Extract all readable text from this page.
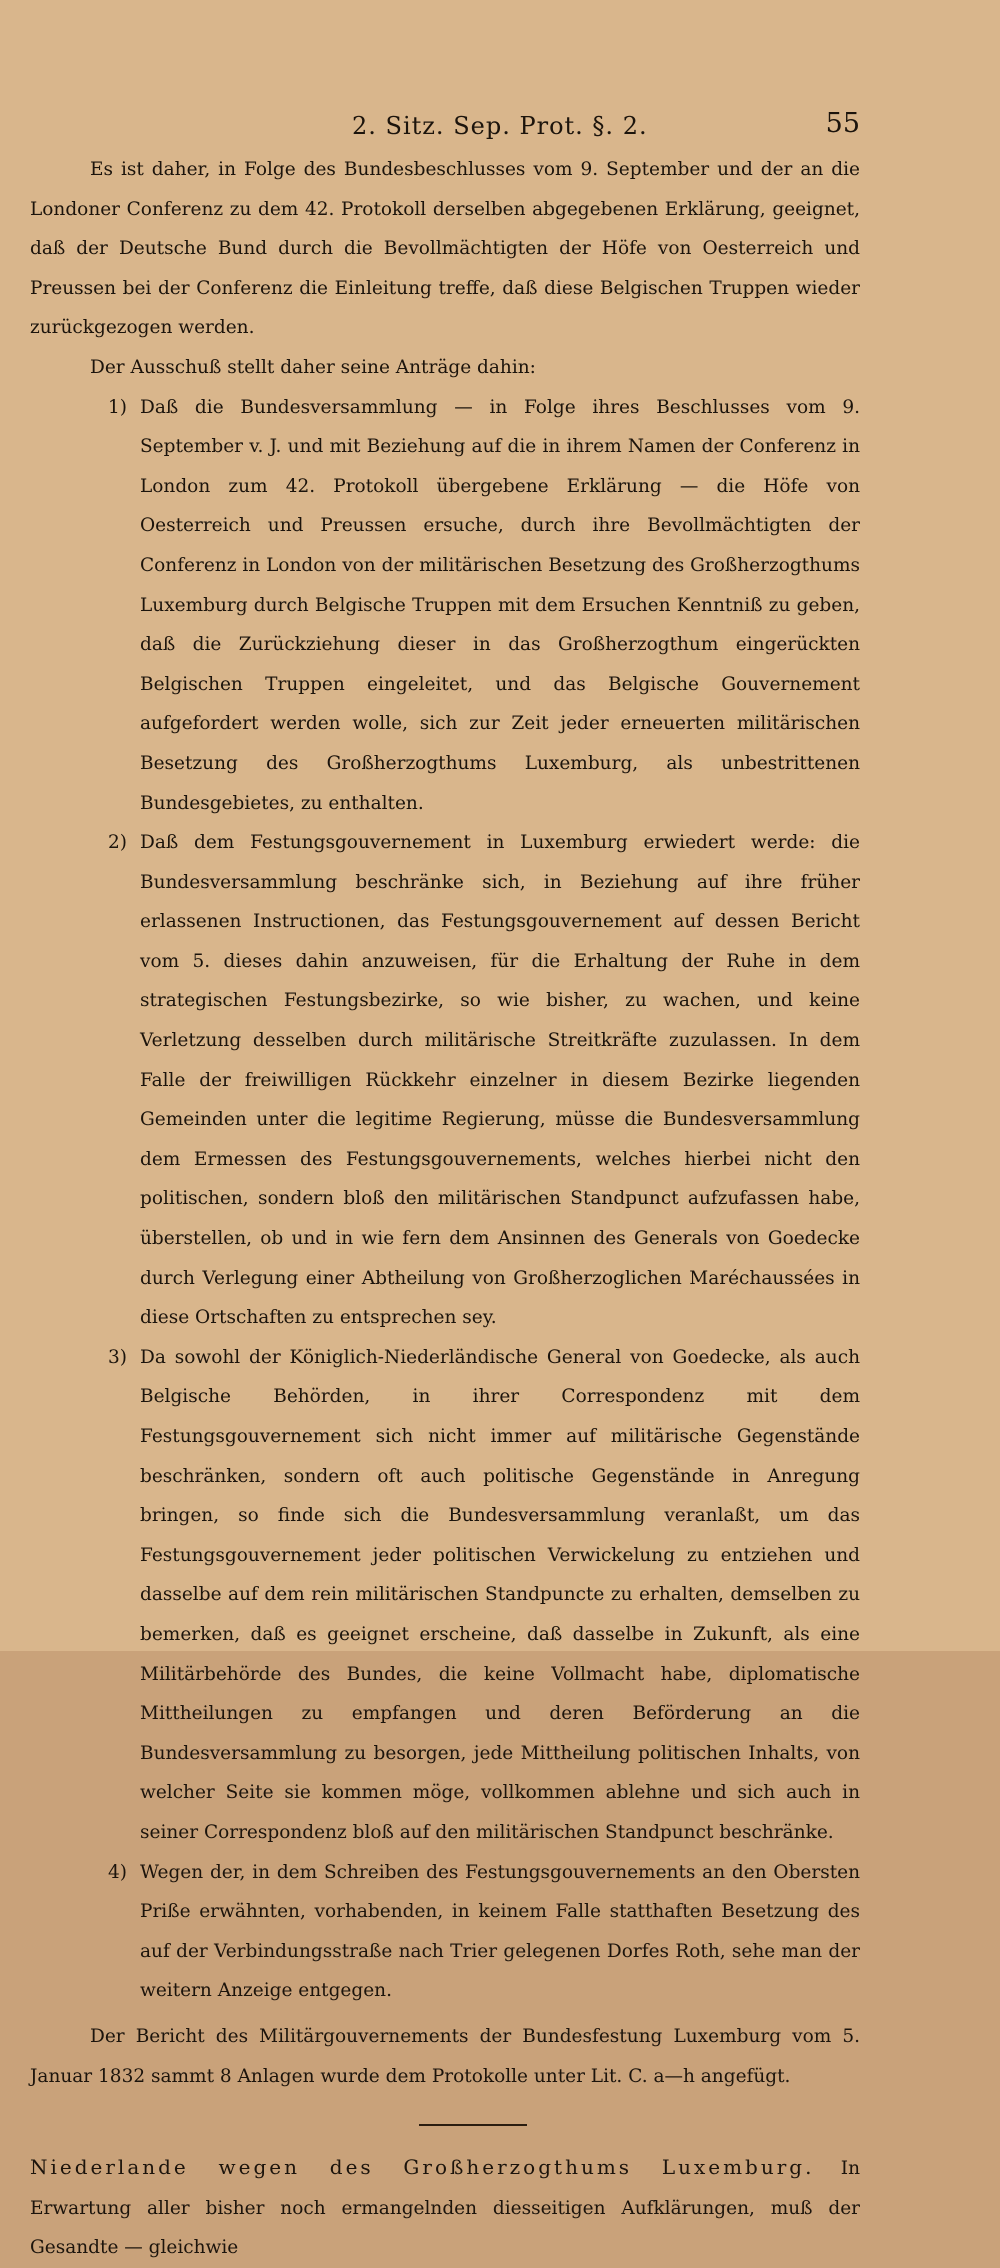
2. Sitz. Sep. Prot. §. 2.	55

Es ist daher, in Folge des Bundesbeschlusses vom 9. September und der an die Londoner Conferenz zu dem 42. Protokoll derselben abgegebenen Erklärung, geeignet, daß der Deutsche Bund durch die Bevollmächtigten der Höfe von Oesterreich und Preussen bei der Conferenz die Einleitung treffe, daß diese Belgischen Truppen wieder zurückgezogen werden.

Der Ausschuß stellt daher seine Anträge dahin:

1) Daß die Bundesversammlung — in Folge ihres Beschlusses vom 9. September v. J. und mit Beziehung auf die in ihrem Namen der Conferenz in London zum 42. Protokoll übergebene Erklärung — die Höfe von Oesterreich und Preussen ersuche, durch ihre Bevollmächtigten der Conferenz in London von der militärischen Besetzung des Großherzogthums Luxemburg durch Belgische Truppen mit dem Ersuchen Kenntniß zu geben, daß die Zurückziehung dieser in das Großherzogthum eingerückten Belgischen Truppen eingeleitet, und das Belgische Gouvernement aufgefordert werden wolle, sich zur Zeit jeder erneuerten militärischen Besetzung des Großherzogthums Luxemburg, als unbestrittenen Bundesgebietes, zu enthalten.
2) Daß dem Festungsgouvernement in Luxemburg erwiedert werde: die Bundesversammlung beschränke sich, in Beziehung auf ihre früher erlassenen Instructionen, das Festungsgouvernement auf dessen Bericht vom 5. dieses dahin anzuweisen, für die Erhaltung der Ruhe in dem strategischen Festungsbezirke, so wie bisher, zu wachen, und keine Verletzung desselben durch militärische Streitkräfte zuzulassen. In dem Falle der freiwilligen Rückkehr einzelner in diesem Bezirke liegenden Gemeinden unter die legitime Regierung, müsse die Bundesversammlung dem Ermessen des Festungsgouvernements, welches hierbei nicht den politischen, sondern bloß den militärischen Standpunct aufzufassen habe, überstellen, ob und in wie fern dem Ansinnen des Generals von Goedecke durch Verlegung einer Abtheilung von Großherzoglichen Maréchaussées in diese Ortschaften zu entsprechen sey.
3) Da sowohl der Königlich-Niederländische General von Goedecke, als auch Belgische Behörden, in ihrer Correspondenz mit dem Festungsgouvernement sich nicht immer auf militärische Gegenstände beschränken, sondern oft auch politische Gegenstände in Anregung bringen, so finde sich die Bundesversammlung veranlaßt, um das Festungsgouvernement jeder politischen Verwickelung zu entziehen und dasselbe auf dem rein militärischen Standpuncte zu erhalten, demselben zu bemerken, daß es geeignet erscheine, daß dasselbe in Zukunft, als eine Militärbehörde des Bundes, die keine Vollmacht habe, diplomatische Mittheilungen zu empfangen und deren Beförderung an die Bundesversammlung zu besorgen, jede Mittheilung politischen Inhalts, von welcher Seite sie kommen möge, vollkommen ablehne und sich auch in seiner Correspondenz bloß auf den militärischen Standpunct beschränke.
4) Wegen der, in dem Schreiben des Festungsgouvernements an den Obersten Prißе erwähnten, vorhabenden, in keinem Falle statthaften Besetzung des auf der Verbindungsstraße nach Trier gelegenen Dorfes Roth, sehe man der weitern Anzeige entgegen.

Der Bericht des Militärgouvernements der Bundesfestung Luxemburg vom 5. Januar 1832 sammt 8 Anlagen wurde dem Protokolle unter Lit. C. a—h angefügt.

Niederlande wegen des Großherzogthums Luxemburg. In Erwartung aller bisher noch ermangelnden diesseitigen Aufklärungen, muß der Gesandte — gleichwie
